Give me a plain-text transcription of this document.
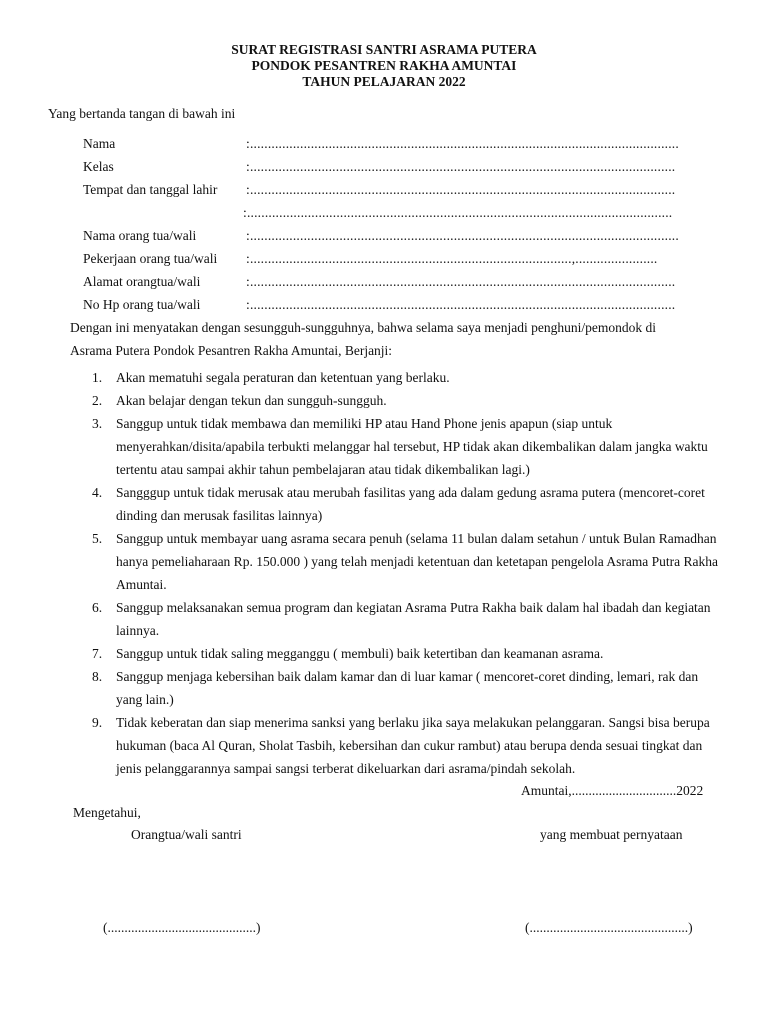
SURAT REGISTRASI SANTRI ASRAMA PUTERA
PONDOK PESANTREN RAKHA AMUNTAI
TAHUN PELAJARAN 2022
Yang bertanda tangan di bawah ini
Nama	:........................................................................................................................
Kelas	:.......................................................................................................................
Tempat dan tanggal lahir :.......................................................................................................................
:.......................................................................................................................
Nama orang tua/wali	:........................................................................................................................
Pekerjaan orang tua/wali :..........................................................................................,.......................
Alamat orangtua/wali	:.......................................................................................................................
No Hp orang tua/wali	:.......................................................................................................................
Dengan ini menyatakan dengan sesungguh-sungguhnya, bahwa selama saya menjadi penghuni/pemondok di
Asrama Putera Pondok Pesantren Rakha Amuntai, Berjanji:
1. Akan mematuhi segala peraturan dan ketentuan yang berlaku.
2. Akan belajar dengan tekun dan sungguh-sungguh.
3. Sanggup untuk tidak membawa dan memiliki HP atau Hand Phone jenis apapun (siap untuk menyerahkan/disita/apabila terbukti melanggar hal tersebut, HP tidak akan dikembalikan dalam jangka waktu tertentu atau sampai akhir tahun pembelajaran atau tidak dikembalikan lagi.)
4. Sangggup untuk tidak merusak atau merubah fasilitas yang ada dalam gedung asrama putera (mencoret-coret dinding dan merusak fasilitas lainnya)
5. Sanggup untuk membayar uang asrama secara penuh (selama 11 bulan dalam setahun / untuk Bulan Ramadhan hanya pemeliaharaan Rp. 150.000 ) yang telah menjadi ketentuan dan ketetapan pengelola Asrama Putra Rakha Amuntai.
6. Sanggup melaksanakan semua program dan kegiatan Asrama Putra Rakha baik dalam hal ibadah dan kegiatan lainnya.
7. Sanggup untuk tidak saling megganggu ( membuli) baik ketertiban dan keamanan asrama.
8. Sanggup menjaga kebersihan baik dalam kamar dan di luar kamar ( mencoret-coret dinding, lemari, rak dan yang lain.)
9. Tidak keberatan dan siap menerima sanksi yang berlaku jika saya melakukan pelanggaran. Sangsi bisa berupa hukuman (baca Al Quran, Sholat Tasbih, kebersihan dan cukur rambut) atau berupa denda sesuai tingkat dan jenis pelanggarannya sampai sangsi terberat dikeluarkan dari asrama/pindah sekolah.
Amuntai,...............................2022
Mengetahui,
Orangtua/wali santri	yang membuat pernyataan
(............................................)	(...............................................)
